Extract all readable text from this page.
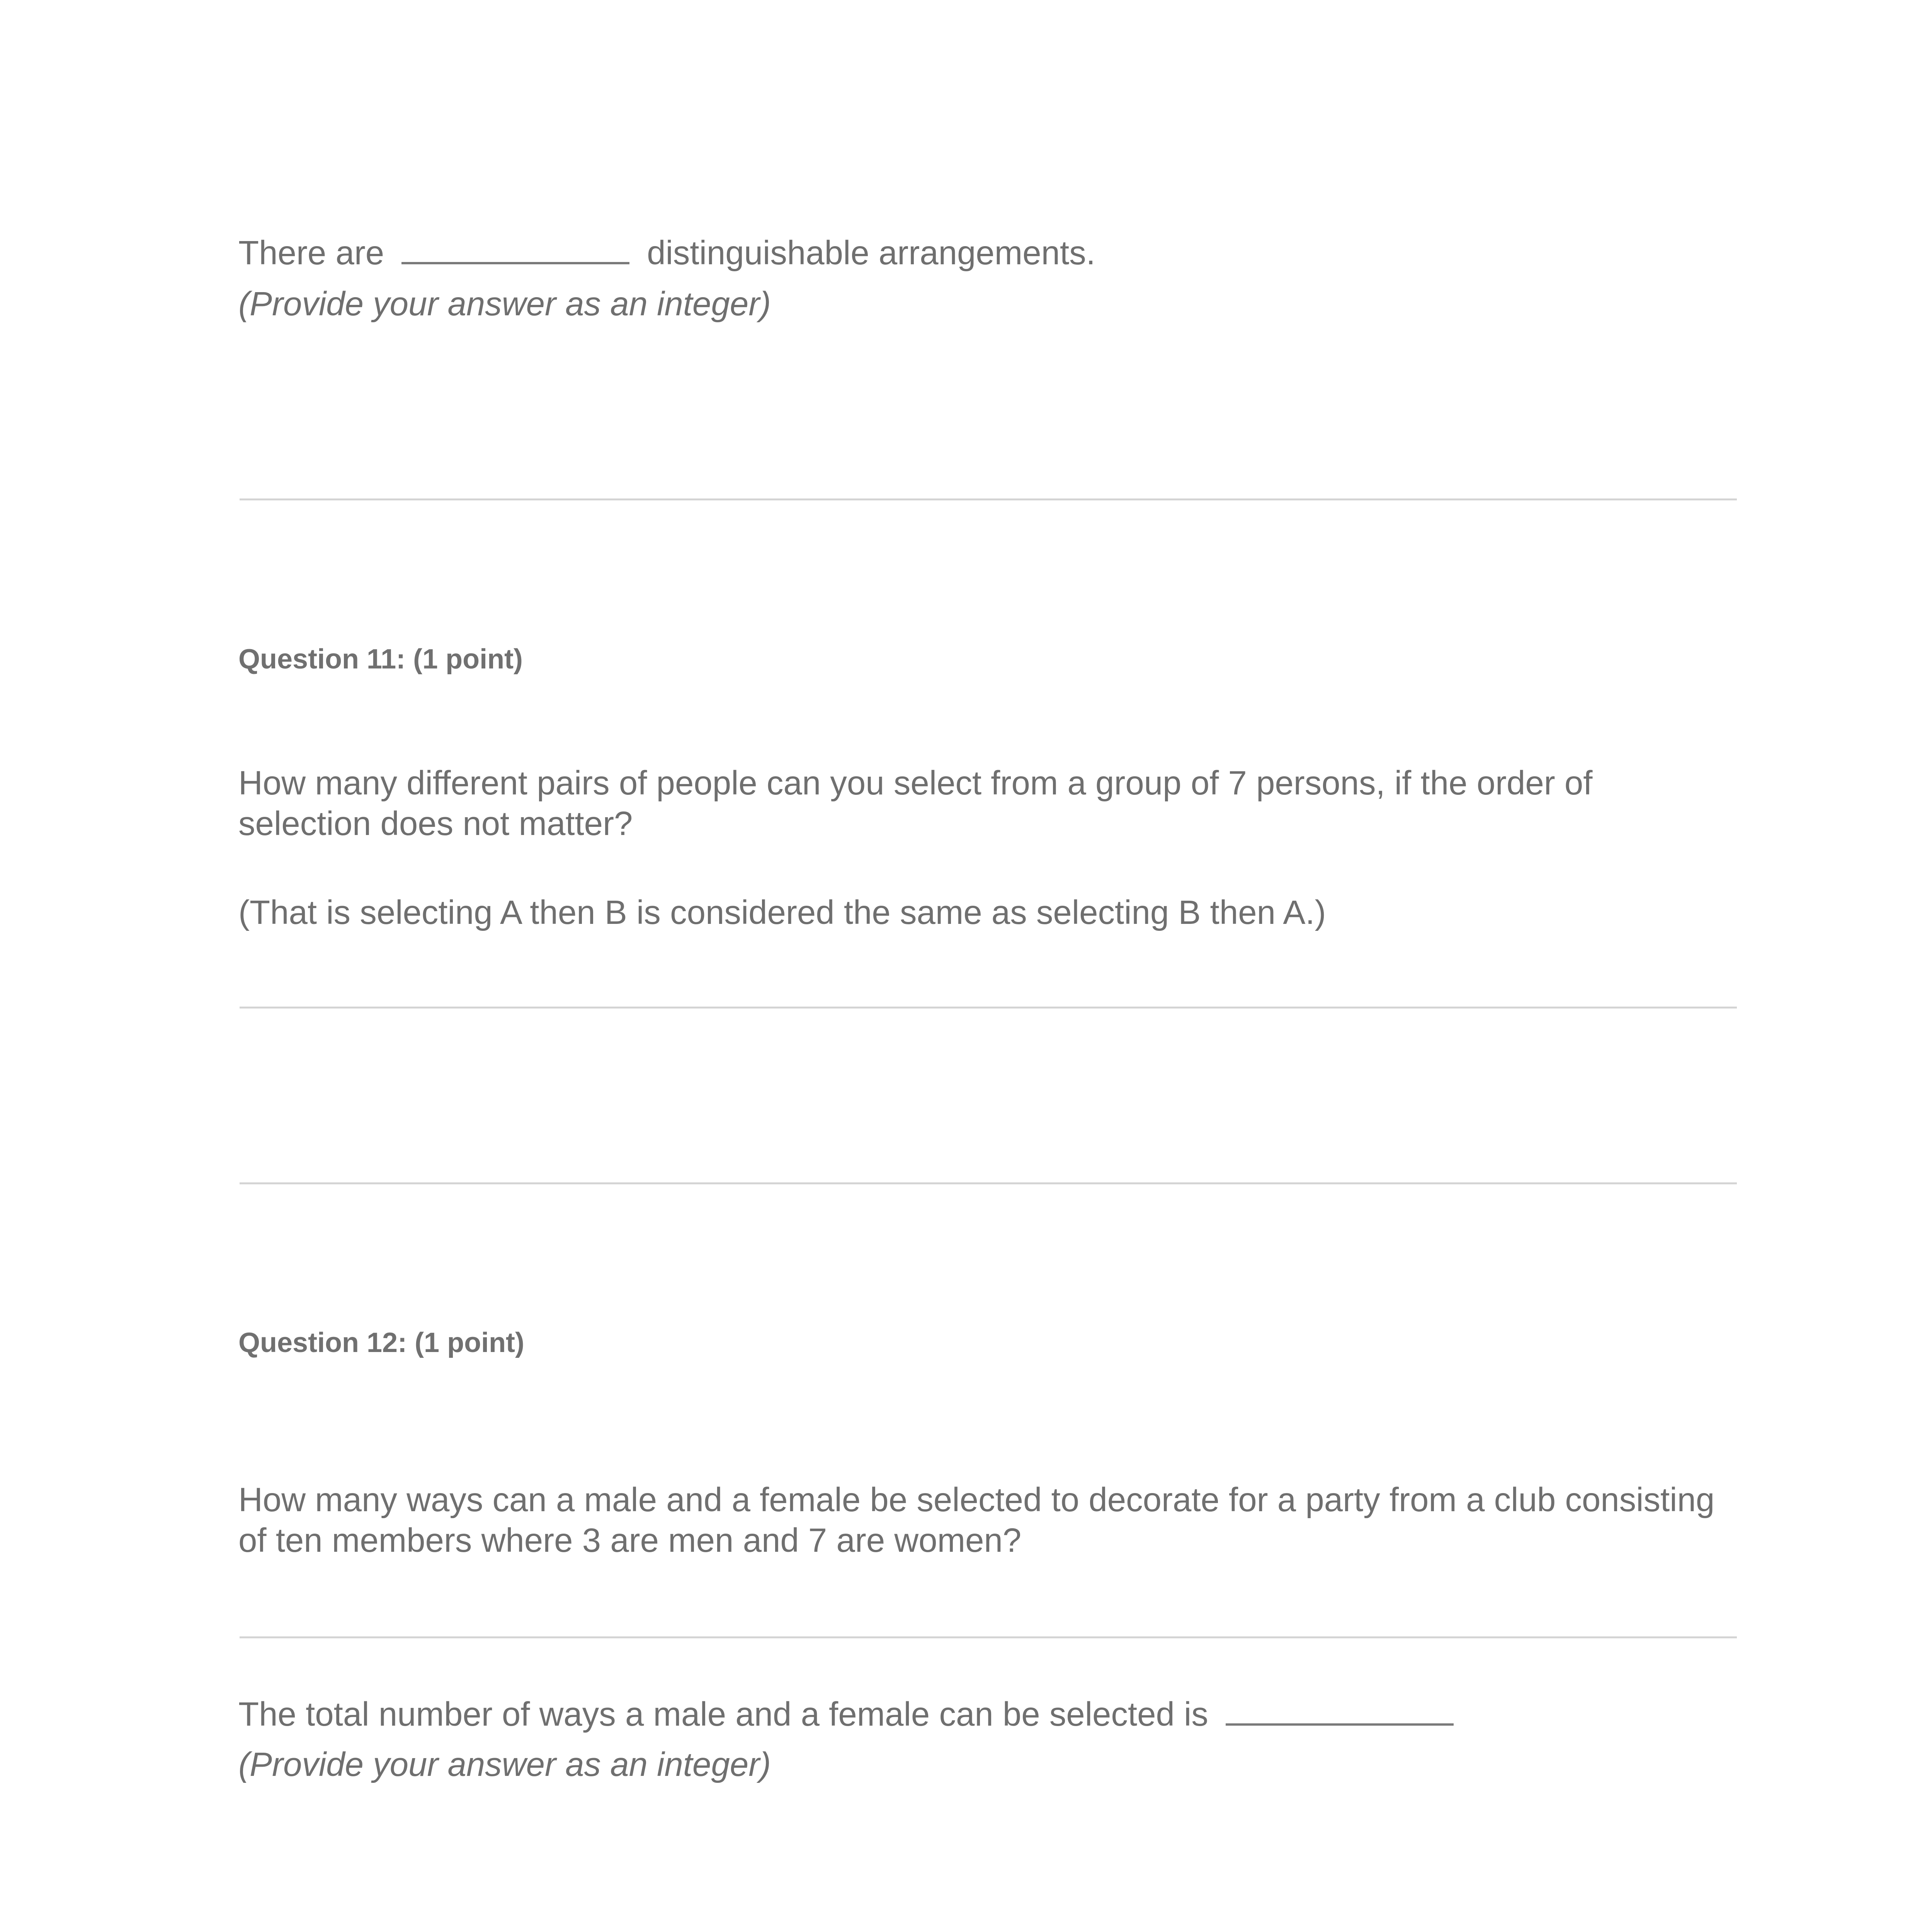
There are	distinguishable arrangements.
(Provide your answer as an integer)
Question 11: (1 point)
How many different pairs of people can you select from a group of 7 persons, if the order of
selection does not matter?
(That is selecting A then B is considered the same as selecting B then A.)
Question 12: (1 point)
How many ways can a male and a female be selected to decorate for a party from a club consisting
of ten members where 3 are men and 7 are women?
The total number of ways a male and a female can be selected is
(Provide your answer as an integer)
